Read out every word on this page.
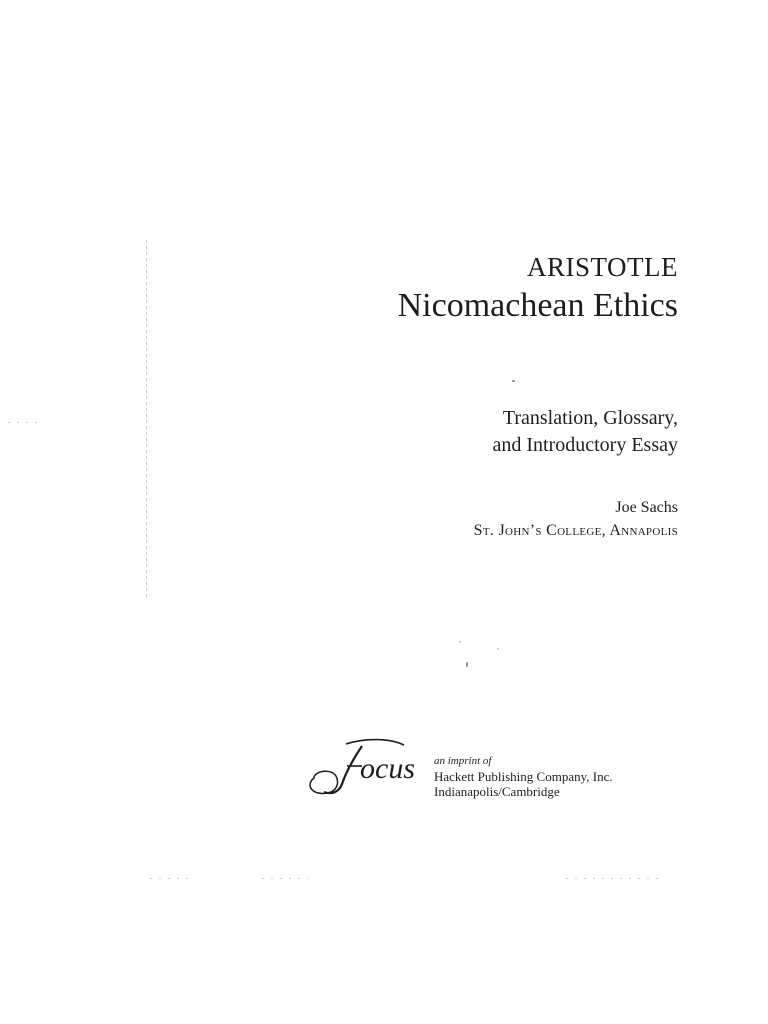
ARISTOTLE
Nicomachean Ethics
Translation, Glossary,
and Introductory Essay
Joe Sachs
St. John’s College, Annapolis
ocus an imprint of
Hackett Publishing Company, Inc.
Indianapolis/Cambridge
